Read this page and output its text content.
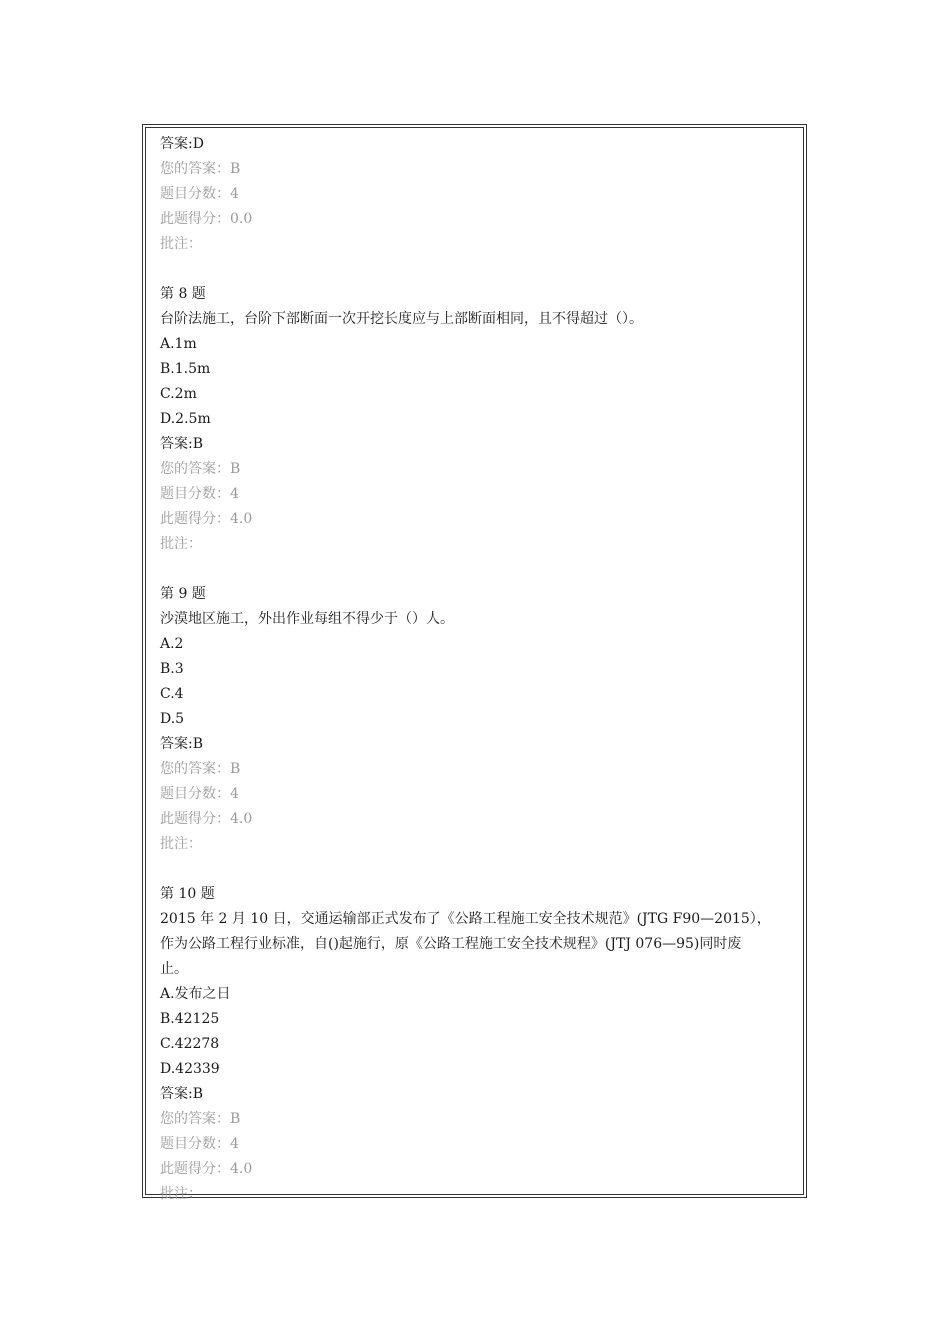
答案:D
您的答案：B
题目分数：4
此题得分：0.0
批注：
第 8 题
台阶法施工，台阶下部断面一次开挖长度应与上部断面相同，且不得超过（）。
A.1m
B.1.5m
C.2m
D.2.5m
答案:B
您的答案：B
题目分数：4
此题得分：4.0
批注：
第 9 题
沙漠地区施工，外出作业每组不得少于（）人。
A.2
B.3
C.4
D.5
答案:B
您的答案：B
题目分数：4
此题得分：4.0
批注：
第 10 题
2015 年 2 月 10 日，交通运输部正式发布了《公路工程施工安全技术规范》(JTG F90—2015），
作为公路工程行业标准，自()起施行，原《公路工程施工安全技术规程》(JTJ 076—95)同时废
止。
A.发布之日
B.42125
C.42278
D.42339
答案:B
您的答案：B
题目分数：4
此题得分：4.0
批注：
